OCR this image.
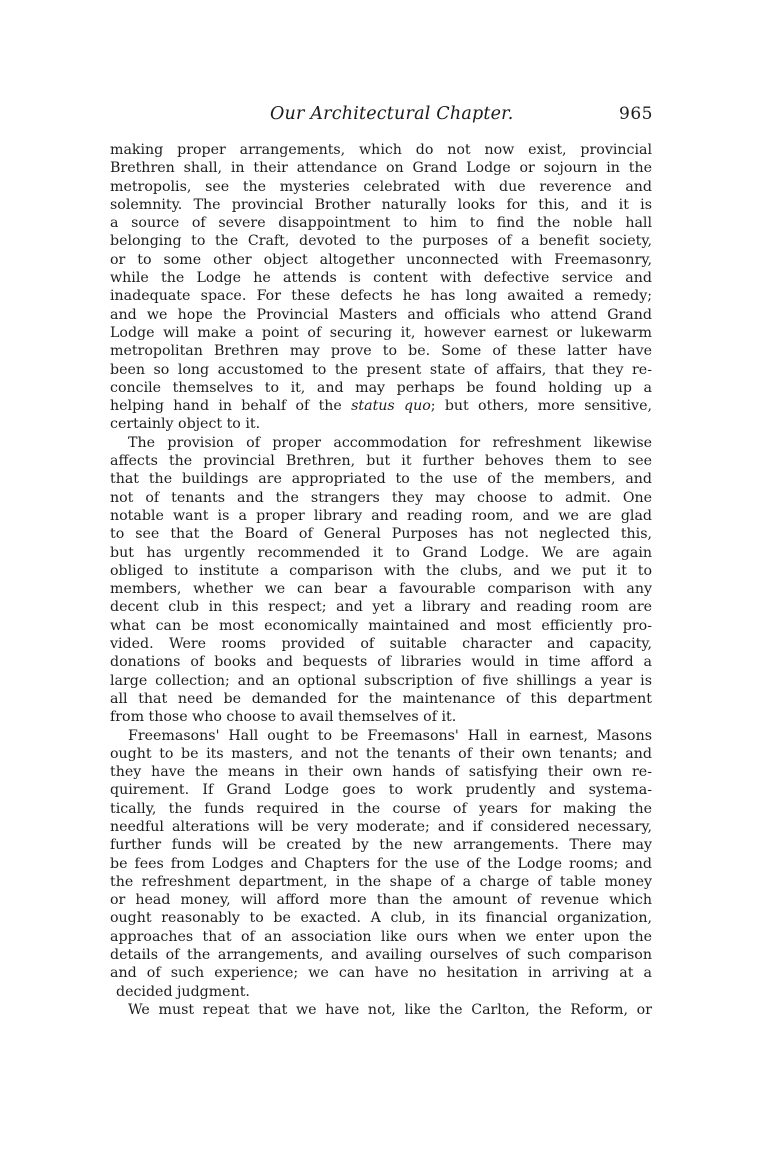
Our Architectural Chapter.	965
making proper arrangements, which do not now exist, provincial
Brethren shall, in their attendance on Grand Lodge or sojourn in the
metropolis, see the mysteries celebrated with due reverence and
solemnity. The provincial Brother naturally looks for this, and it is
a source of severe disappointment to him to find the noble hall
belonging to the Craft, devoted to the purposes of a benefit society,
or to some other object altogether unconnected with Freemasonry,
while the Lodge he attends is content with defective service and
inadequate space. For these defects he has long awaited a remedy;
and we hope the Provincial Masters and officials who attend Grand
Lodge will make a point of securing it, however earnest or lukewarm
metropolitan Brethren may prove to be. Some of these latter have
been so long accustomed to the present state of affairs, that they re-
concile themselves to it, and may perhaps be found holding up a
helping hand in behalf of the status quo; but others, more sensitive,
certainly object to it.
The provision of proper accommodation for refreshment likewise
affects the provincial Brethren, but it further behoves them to see
that the buildings are appropriated to the use of the members, and
not of tenants and the strangers they may choose to admit. One
notable want is a proper library and reading room, and we are glad
to see that the Board of General Purposes has not neglected this,
but has urgently recommended it to Grand Lodge. We are again
obliged to institute a comparison with the clubs, and we put it to
members, whether we can bear a favourable comparison with any
decent club in this respect; and yet a library and reading room are
what can be most economically maintained and most efficiently pro-
vided. Were rooms provided of suitable character and capacity,
donations of books and bequests of libraries would in time afford a
large collection; and an optional subscription of five shillings a year is
all that need be demanded for the maintenance of this department
from those who choose to avail themselves of it.
Freemasons' Hall ought to be Freemasons' Hall in earnest, Masons
ought to be its masters, and not the tenants of their own tenants; and
they have the means in their own hands of satisfying their own re-
quirement. If Grand Lodge goes to work prudently and systema-
tically, the funds required in the course of years for making the
needful alterations will be very moderate; and if considered necessary,
further funds will be created by the new arrangements. There may
be fees from Lodges and Chapters for the use of the Lodge rooms; and
the refreshment department, in the shape of a charge of table money
or head money, will afford more than the amount of revenue which
ought reasonably to be exacted. A club, in its financial organization,
approaches that of an association like ours when we enter upon the
details of the arrangements, and availing ourselves of such comparison
and of such experience; we can have no hesitation in arriving at a
decided judgment.
We must repeat that we have not, like the Carlton, the Reform, or
